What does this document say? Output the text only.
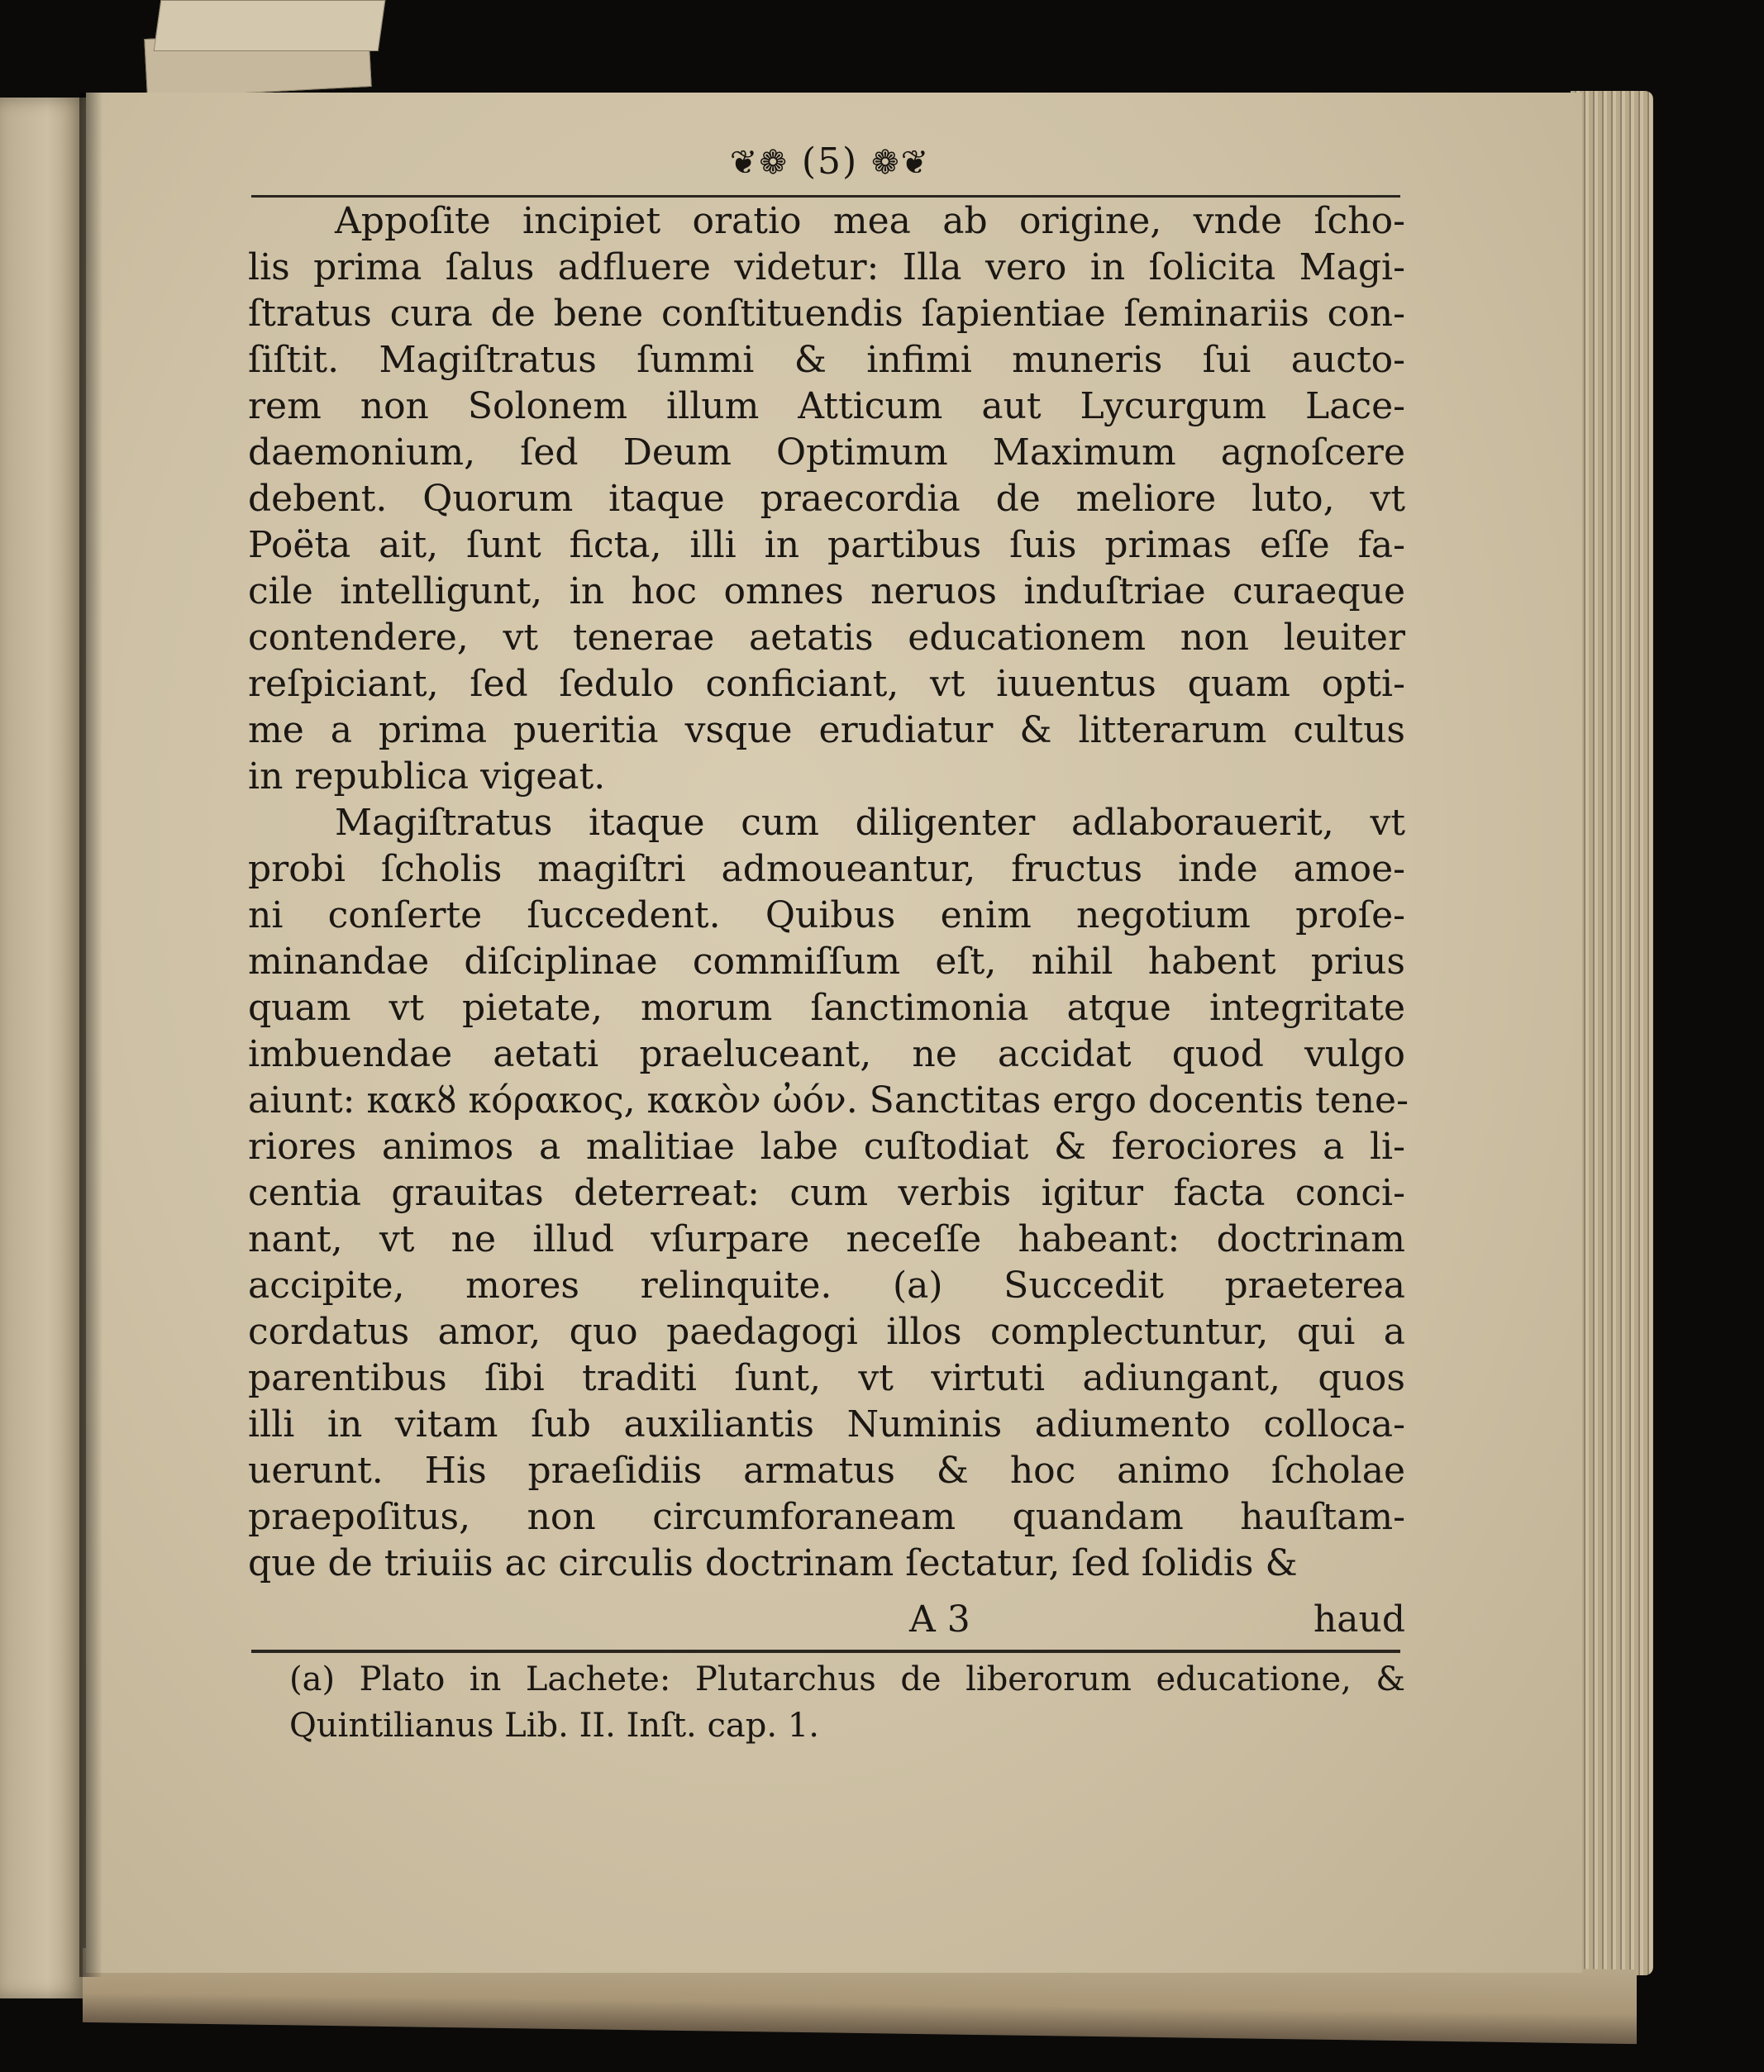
❦❁ (5) ❁❦
Appoſite incipiet oratio mea ab origine, vnde ſcho-
lis prima ſalus adfluere videtur: Illa vero in ſolicita Magi-
ſtratus cura de bene conſtituendis ſapientiae ſeminariis con-
ſiſtit. Magiſtratus ſummi & infimi muneris ſui aucto-
rem non Solonem illum Atticum aut Lycurgum Lace-
daemonium, ſed Deum Optimum Maximum agnoſcere
debent. Quorum itaque praecordia de meliore luto, vt
Poëta ait, ſunt ficta, illi in partibus ſuis primas eſſe fa-
cile intelligunt, in hoc omnes neruos induſtriae curaeque
contendere, vt tenerae aetatis educationem non leuiter
reſpiciant, ſed ſedulo conficiant, vt iuuentus quam opti-
me a prima pueritia vsque erudiatur & litterarum cultus
in republica vigeat.
Magiſtratus itaque cum diligenter adlaborauerit, vt
probi ſcholis magiſtri admoueantur, fructus inde amoe-
ni conſerte ſuccedent. Quibus enim negotium proſe-
minandae diſciplinae commiſſum eſt, nihil habent prius
quam vt pietate, morum ſanctimonia atque integritate
imbuendae aetati praeluceant, ne accidat quod vulgo
aiunt: κακȣ κόρακος, κακὸν ὠόν. Sanctitas ergo docentis tene-
riores animos a malitiae labe cuſtodiat & ferociores a li-
centia grauitas deterreat: cum verbis igitur facta conci-
nant, vt ne illud vſurpare neceſſe habeant: doctrinam
accipite, mores relinquite. (a) Succedit praeterea
cordatus amor, quo paedagogi illos complectuntur, qui a
parentibus ſibi traditi ſunt, vt virtuti adiungant, quos
illi in vitam ſub auxiliantis Numinis adiumento colloca-
uerunt. His praeſidiis armatus & hoc animo ſcholae
praepoſitus, non circumforaneam quandam hauſtam-
que de triuiis ac circulis doctrinam ſectatur, ſed ſolidis &
A 3	haud
(a) Plato in Lachete: Plutarchus de liberorum educatione, &
Quintilianus Lib. II. Inſt. cap. 1.
